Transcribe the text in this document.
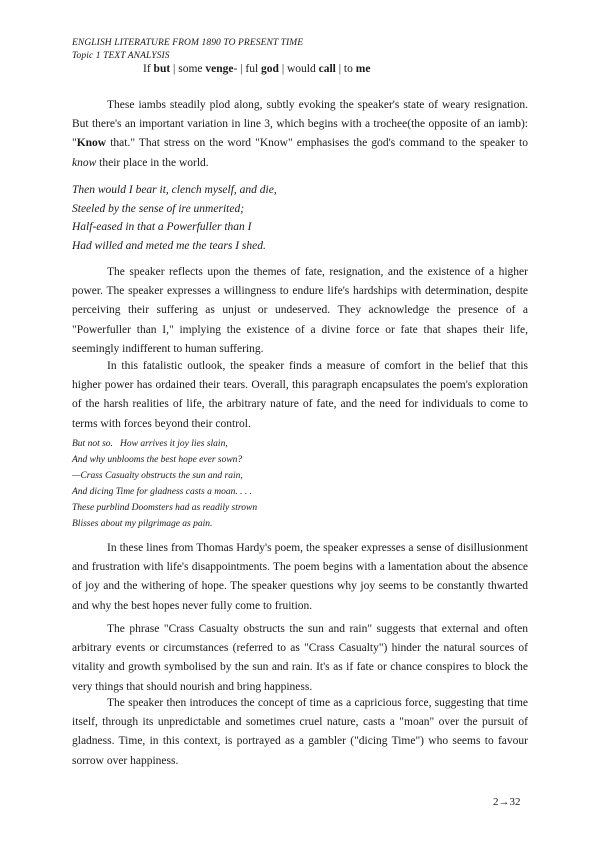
ENGLISH LITERATURE FROM 1890 TO PRESENT TIME
Topic 1 TEXT ANALYSIS
If but | some venge- | ful god | would call | to me

These iambs steadily plod along, subtly evoking the speaker's state of weary resignation. But there's an important variation in line 3, which begins with a trochee(the opposite of an iamb): "Know that." That stress on the word "Know" emphasises the god's command to the speaker to know their place in the world.

Then would I bear it, clench myself, and die,
Steeled by the sense of ire unmerited;
Half-eased in that a Powerfuller than I
Had willed and meted me the tears I shed.

The speaker reflects upon the themes of fate, resignation, and the existence of a higher power. The speaker expresses a willingness to endure life's hardships with determination, despite perceiving their suffering as unjust or undeserved. They acknowledge the presence of a "Powerfuller than I," implying the existence of a divine force or fate that shapes their life, seemingly indifferent to human suffering.

In this fatalistic outlook, the speaker finds a measure of comfort in the belief that this higher power has ordained their tears. Overall, this paragraph encapsulates the poem's exploration of the harsh realities of life, the arbitrary nature of fate, and the need for individuals to come to terms with forces beyond their control.

But not so.   How arrives it joy lies slain,
And why unblooms the best hope ever sown?
—Crass Casualty obstructs the sun and rain,
And dicing Time for gladness casts a moan. . . .
These purblind Doomsters had as readily strown
Blisses about my pilgrimage as pain.

In these lines from Thomas Hardy's poem, the speaker expresses a sense of disillusionment and frustration with life's disappointments. The poem begins with a lamentation about the absence of joy and the withering of hope. The speaker questions why joy seems to be constantly thwarted and why the best hopes never fully come to fruition.

The phrase "Crass Casualty obstructs the sun and rain" suggests that external and often arbitrary events or circumstances (referred to as "Crass Casualty") hinder the natural sources of vitality and growth symbolised by the sun and rain. It's as if fate or chance conspires to block the very things that should nourish and bring happiness.

The speaker then introduces the concept of time as a capricious force, suggesting that time itself, through its unpredictable and sometimes cruel nature, casts a "moan" over the pursuit of gladness. Time, in this context, is portrayed as a gambler ("dicing Time") who seems to favour sorrow over happiness.

2→32
